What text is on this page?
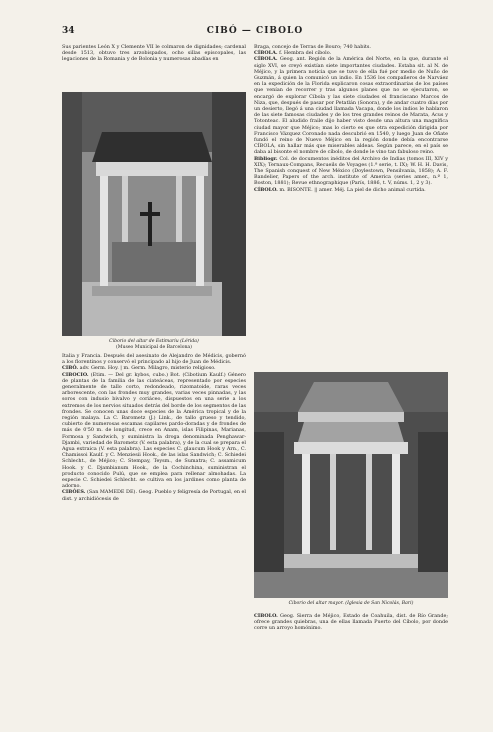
34	CIBÓ — CIBOLO

Sus parientes León X y Clemente VII le colmaron de dignidades; cardenal desde 1513, obtuvo tres arzobispados, ocho sillas episcopales, las legaciones de la Romania y de Bolonia y numerosas abadías en

Ciborio del altar de Estimariu (Lérida)
(Museo Municipal de Barcelona)

Italia y Francia. Después del asesinato de Alejandro de Médicis, gobernó a los florentinos y conservó el principado al hijo de Juan de Médicis.

CIBÓ. adv. Germ. Hoy. | m. Germ. Milagro, misterio religioso.

CIBOCIO. (Etim. — Del gr. kybos, cubo.) Bot. (Cibotium Kaulf.) Género de plantas de la familia de las ciateáceas, representado por especies generalmente de tallo corto, redondeado, rizomatoide, raras veces arborescente, con las frondes muy grandes, varias veces pinnadas, y las soros con indusio bivalvo y coriáceo, dispuestos en una serie a los extremos de los nervios situados detrás del borde de los segmentos de las frondes. Se conocen unas doce especies de la América tropical y de la región malaya. La C. Barometz (J.) Link., de tallo grueso y tendido, cubierto de numerosas escamas capilares pardo-doradas y de frondes de más de 0'50 m. de longitud, crece en Anam, islas Filipinas, Marianas, Formosa y Sandwich, y suministra la droga denominada Penghawar-Djambi, variedad de Barometz (V. esta palabra), y de la cual se prepara el Agua extraica (V. esta palabra). Las especies C. glaucum Hook y Arn., C. Chamissoi Kaulf. y C. Menziesii Hook., de las islas Sandwich; C. Schiedei Schlecht., de Méjico; C. Stempay, Teysm., de Sumatra; C. assamicum Hook. y C. Djambianum Hook., de la Cochinchina, suministran el producto conocido Pulú, que se emplea para rellenar almohadas. La especie C. Schiedei Schlecht. se cultiva en los jardines como planta de adorno.

CIBÓES. (San MAMEDE DE). Geog. Pueblo y feligresía de Portugal, en el dist. y archidiócesis de

Braga, concejo de Terras de Bouro; 740 habits.

CÍBOLA. f. Hembra del cíbolo.

CÍBOLA. Geog. ant. Región de la América del Norte, en la que, durante el siglo XVI, se creyó existían siete importantes ciudades. Estaba sit. al N. de Méjico, y la primera noticia que se tuvo de ella fué por medio de Nuño de Guzmán, á quien la comunicó un indio. En 1536 los compañeros de Narváez en la expedición de la Florida explicaron cosas extraordinarias de los países que venían de recorrer y tras algunos planes que no se ejecutaron, se encargó de explorar Cíbola y las siete ciudades el franciscano Marcos de Niza, que, después de pasar por Petatlán (Sonora), y de andar cuatro días por un desierto, llegó á una ciudad llamada Vacapa, donde los indios le hablaron de las siete famosas ciudades y de los tres grandes reinos de Marata, Acus y Totonteac. El aludido fraile dijo haber visto desde una altura una magnífica ciudad mayor que Méjico; mas lo cierto es que otra expedición dirigida por Francisco Vázquez Coronado nada descubrió en 1540, y luego Juan de Oñate fundó el reino de Nuevo Méjico en la región donde debía encontrarse CÍBOLA, sin hallar más que miserables aldeas. Según parece, en el país se daba al bisonte el nombre de cíbolo, de donde le vino tan fabuloso reino.

Bibliogr. Col. de documentos inéditos del Archivo de Indias (tomos III, XIV y XIX); Ternaux-Compans, Recueils de Voyages (1.ª serie, t. IX); W. H. H. Davis, The Spanish conquest of New México (Doylestown, Pensilvania, 1858); A. F. Bandelier, Papers of the arch. institute of America (series amer., n.º 1, Boston, 1881); Revue ethnographique (París, 1886, t. V, núms. 1, 2 y 3).

CÍBOLO. m. BISONTE. || amer. Méj. La piel de dicho animal curtida.

Ciborio del altar mayor. (Iglesia de San Nicolás, Bari)

CÍBOLO. Geog. Sierra de Méjico, Estado de Coahuila, dist. de Río Grande; ofrece grandes quiebras, una de ellas llamada Puerto del Cíbolo, por donde corre un arroyo homónimo.
